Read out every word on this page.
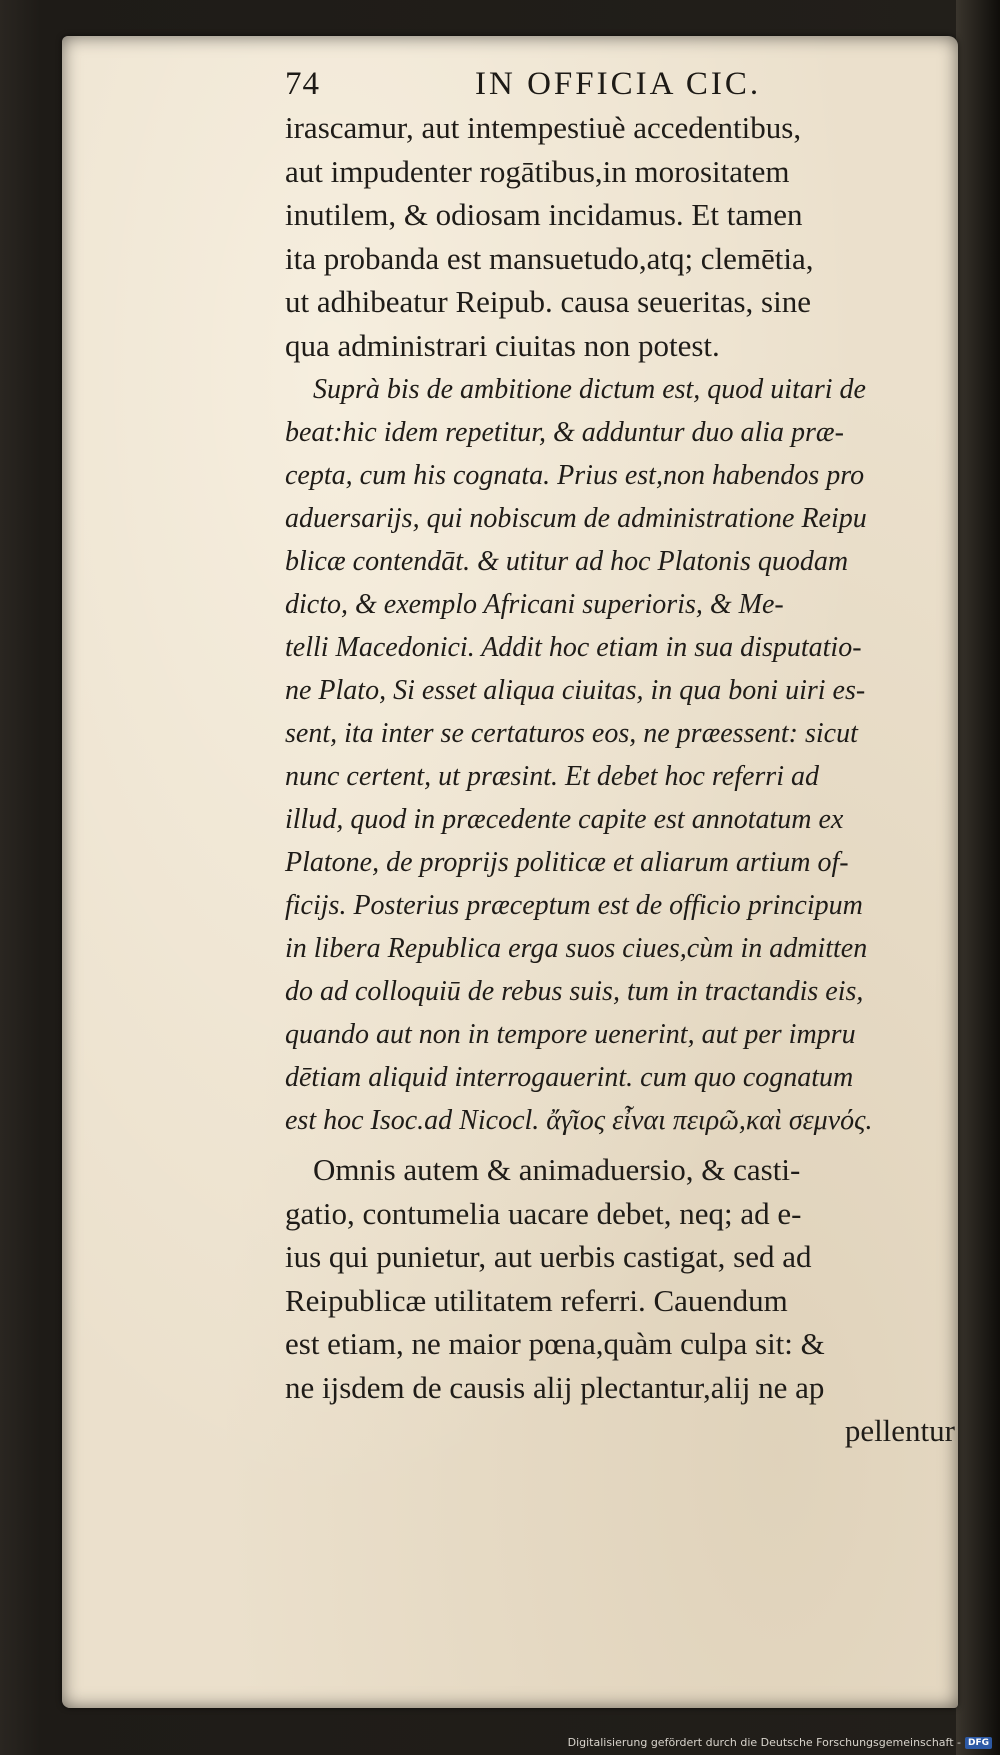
74	IN OFFICIA CIC.
irascamur, aut intempestiuè accedentibus,
aut impudenter rogātibus,in morositatem
inutilem, & odiosam incidamus. Et tamen
ita probanda est mansuetudo,atq; clemētia,
ut adhibeatur Reipub. causa seueritas, sine
qua administrari ciuitas non potest.
Suprà bis de ambitione dictum est, quod uitari de
beat:hic idem repetitur, & adduntur duo alia præ-
cepta, cum his cognata. Prius est,non habendos pro
aduersarijs, qui nobiscum de administratione Reipu
blicæ contendāt. & utitur ad hoc Platonis quodam
dicto, & exemplo Africani superioris, & Me-
telli Macedonici. Addit hoc etiam in sua disputatio-
ne Plato, Si esset aliqua ciuitas, in qua boni uiri es-
sent, ita inter se certaturos eos, ne præessent: sicut
nunc certent, ut præsint. Et debet hoc referri ad
illud, quod in præcedente capite est annotatum ex
Platone, de proprijs politicæ et aliarum artium of-
ficijs. Posterius præceptum est de officio principum
in libera Republica erga suos ciues,cùm in admitten
do ad colloquiū de rebus suis, tum in tractandis eis,
quando aut non in tempore uenerint, aut per impru
dētiam aliquid interrogauerint. cum quo cognatum
est hoc Isoc.ad Nicocl. ἄγ͂ιος εἶναι πειρῶ,καὶ σεμνός.
Omnis autem & animaduersio, & casti-
gatio, contumelia uacare debet, neq; ad e-
ius qui punietur, aut uerbis castigat, sed ad
Reipublicæ utilitatem referri. Cauendum
est etiam, ne maior pœna,quàm culpa sit: &
ne ijsdem de causis alij plectantur,alij ne ap
pellentur
Digitalisierung gefördert durch die Deutsche Forschungsgemeinschaft - DFG
